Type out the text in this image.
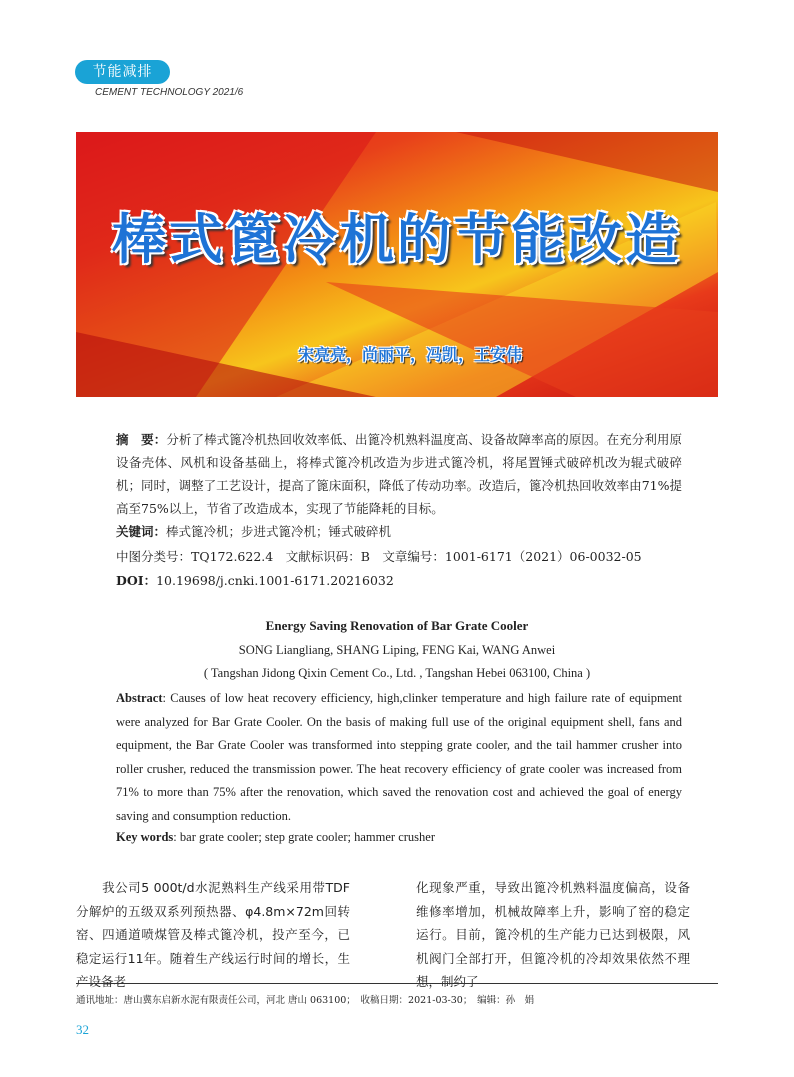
节能减排
CEMENT TECHNOLOGY 2021/6
棒式篦冷机的节能改造
宋亮亮，尚丽平，冯凯，王安伟
摘　要：分析了棒式篦冷机热回收效率低、出篦冷机熟料温度高、设备故障率高的原因。在充分利用原设备壳体、风机和设备基础上，将棒式篦冷机改造为步进式篦冷机，将尾置锤式破碎机改为辊式破碎机；同时，调整了工艺设计，提高了篦床面积，降低了传动功率。改造后，篦冷机热回收效率由71%提高至75%以上，节省了改造成本，实现了节能降耗的目标。
关键词：棒式篦冷机；步进式篦冷机；锤式破碎机
中图分类号：TQ172.622.4　文献标识码：B　文章编号：1001-6171（2021）06-0032-05
DOI：10.19698/j.cnki.1001-6171.20216032
Energy Saving Renovation of Bar Grate Cooler
SONG Liangliang, SHANG Liping, FENG Kai, WANG Anwei
( Tangshan Jidong Qixin Cement Co., Ltd. , Tangshan Hebei 063100, China )
Abstract: Causes of low heat recovery efficiency, high,clinker temperature and high failure rate of equipment were analyzed for Bar Grate Cooler. On the basis of making full use of the original equipment shell, fans and equipment, the Bar Grate Cooler was transformed into stepping grate cooler, and the tail hammer crusher into roller crusher, reduced the transmission power. The heat recovery efficiency of grate cooler was increased from 71% to more than 75% after the renovation, which saved the renovation cost and achieved the goal of energy saving and consumption reduction.
Key words: bar grate cooler; step grate cooler; hammer crusher
　　我公司5 000t/d水泥熟料生产线采用带TDF分解炉的五级双系列预热器、φ4.8m×72m回转窑、四通道喷煤管及棒式篦冷机，投产至今，已稳定运行11年。随着生产线运行时间的增长，生产设备老
化现象严重，导致出篦冷机熟料温度偏高，设备维修率增加，机械故障率上升，影响了窑的稳定运行。目前，篦冷机的生产能力已达到极限，风机阀门全部打开，但篦冷机的冷却效果依然不理想，制约了
通讯地址：唐山冀东启新水泥有限责任公司，河北 唐山 063100；　收稿日期：2021-03-30；　编辑：孙　娟
32
